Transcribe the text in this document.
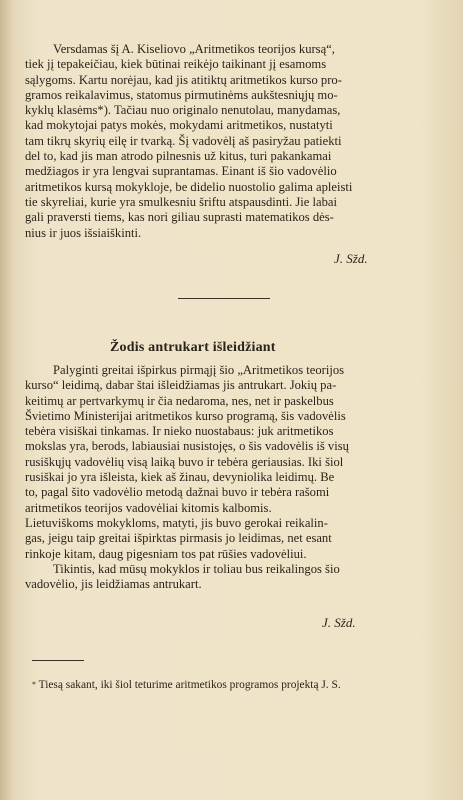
Versdamas šį A. Kiseliovo „Aritmetikos teorijos kursą“,
tiek jį tepakeičiau, kiek būtinai reikėjo taikinant jį esamoms
sąlygoms. Kartu norėjau, kad jis atitiktų aritmetikos kurso pro-
gramos reikalavimus, statomus pirmutinėms aukštesniųjų mo-
kyklų klasėms*). Tačiau nuo originalo nenutolau, manydamas,
kad mokytojai patys mokės, mokydami aritmetikos, nustatyti
tam tikrų skyrių eilę ir tvarką. Šį vadovėlį aš pasiryžau patiekti
del to, kad jis man atrodo pilnesnis už kitus, turi pakankamai
medžiagos ir yra lengvai suprantamas. Einant iš šio vadovėlio
aritmetikos kursą mokykloje, be didelio nuostolio galima apleisti
tie skyreliai, kurie yra smulkesniu šriftu atspausdinti. Jie labai
gali praversti tiems, kas nori giliau suprasti matematikos dės-
nius ir juos išsiaiškinti.
J. Sžd.
Žodis antrukart išleidžiant
Palyginti greitai išpirkus pirmąjį šio „Aritmetikos teorijos
kurso“ leidimą, dabar štai išleidžiamas jis antrukart. Jokių pa-
keitimų ar pertvarkymų ir čia nedaroma, nes, net ir paskelbus
Švietimo Ministerijai aritmetikos kurso programą, šis vadovėlis
tebėra visiškai tinkamas. Ir nieko nuostabaus: juk aritmetikos
mokslas yra, berods, labiausiai nusistojęs, o šis vadovėlis iš visų
rusiškųjų vadovėlių visą laiką buvo ir tebėra geriausias. Iki šiol
rusiškai jo yra išleista, kiek aš žinau, devyniolika leidimų. Be
to, pagal šito vadovėlio metodą dažnai buvo ir tebėra rašomi
aritmetikos teorijos vadovėliai kitomis kalbomis.
Lietuviškoms mokykloms, matyti, jis buvo gerokai reikalin-
gas, jeigu taip greitai išpirktas pirmasis jo leidimas, net esant
rinkoje kitam, daug pigesniam tos pat rūšies vadovėliui.
Tikintis, kad mūsų mokyklos ir toliau bus reikalingos šio
vadovėlio, jis leidžiamas antrukart.
J. Sžd.
* Tiesą sakant, iki šiol teturime aritmetikos programos projektą J. S.
